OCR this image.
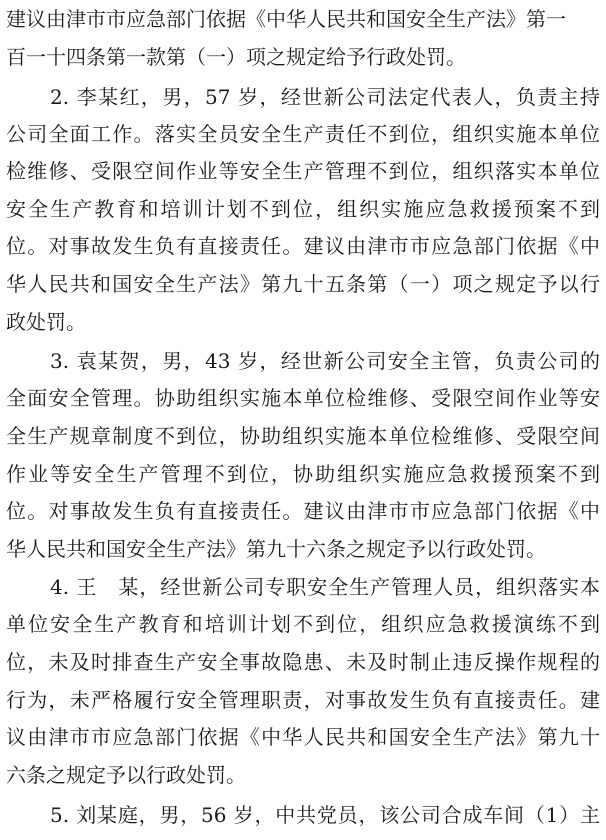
建议由津市市应急部门依据《中华人民共和国安全生产法》第一
百一十四条第一款第（一）项之规定给予行政处罚。
2. 李某红，男，57 岁，经世新公司法定代表人，负责主持
公司全面工作。落实全员安全生产责任不到位，组织实施本单位
检维修、受限空间作业等安全生产管理不到位，组织落实本单位
安全生产教育和培训计划不到位，组织实施应急救援预案不到
位。对事故发生负有直接责任。建议由津市市应急部门依据《中
华人民共和国安全生产法》第九十五条第（一）项之规定予以行
政处罚。
3. 袁某贺，男，43 岁，经世新公司安全主管，负责公司的
全面安全管理。协助组织实施本单位检维修、受限空间作业等安
全生产规章制度不到位，协助组织实施本单位检维修、受限空间
作业等安全生产管理不到位，协助组织实施应急救援预案不到
位。对事故发生负有直接责任。建议由津市市应急部门依据《中
华人民共和国安全生产法》第九十六条之规定予以行政处罚。
4. 王　某，经世新公司专职安全生产管理人员，组织落实本
单位安全生产教育和培训计划不到位，组织应急救援演练不到
位，未及时排查生产安全事故隐患、未及时制止违反操作规程的
行为，未严格履行安全管理职责，对事故发生负有直接责任。建
议由津市市应急部门依据《中华人民共和国安全生产法》第九十
六条之规定予以行政处罚。
5. 刘某庭，男，56 岁，中共党员，该公司合成车间（1）主
